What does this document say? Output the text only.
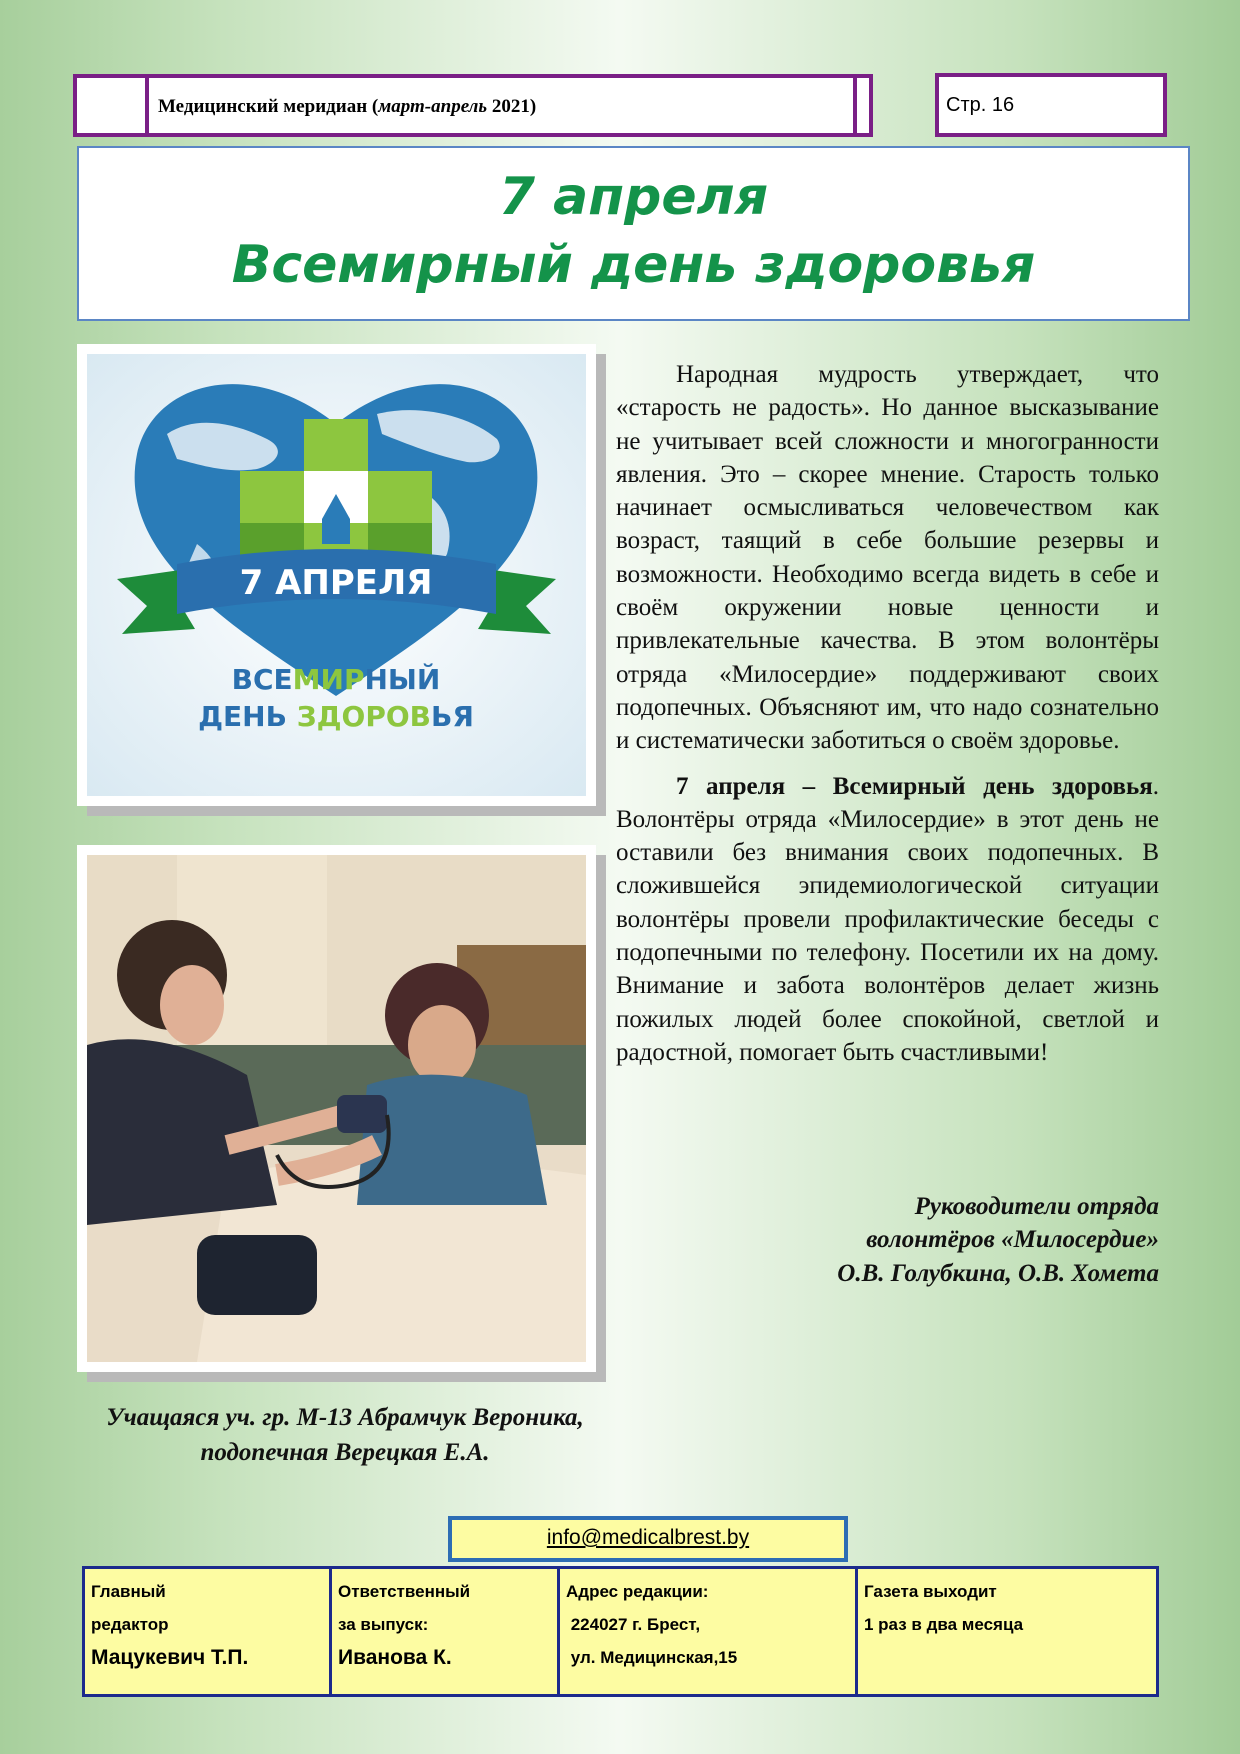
Медицинский меридиан (март-апрель 2021)	Стр. 16
7 апреля
Всемирный день здоровья
7 АПРЕЛЯ
ВСЕМИРНЫЙ
ДЕНЬ ЗДОРОВЬЯ

Народная мудрость утверждает, что «старость не радость». Но данное высказывание не учитывает всей сложности и многогранности явления. Это – скорее мнение. Старость только начинает осмысливаться человечеством как возраст, таящий в себе большие резервы и возможности. Необходимо всегда видеть в себе и своём окружении новые ценности и привлекательные качества. В этом волонтёры отряда «Милосердие» поддерживают своих подопечных. Объясняют им, что надо сознательно и систематически заботиться о своём здоровье.

7 апреля – Всемирный день здоровья. Волонтёры отряда «Милосердие» в этот день не оставили без внимания своих подопечных. В сложившейся эпидемиологической ситуации волонтёры провели профилактические беседы с подопечными по телефону. Посетили их на дому. Внимание и забота волонтёров делает жизнь пожилых людей более спокойной, светлой и радостной, помогает быть счастливыми!

Руководители отряда
волонтёров «Милосердие»
О.В. Голубкина, О.В. Хомета
Учащаяся уч. гр. М-13 Абрамчук Вероника,
подопечная Верецкая Е.А.
info@medicalbrest.by
Главный
редактор
Мацукевич Т.П.
Ответственный
за выпуск:
Иванова К.
Адрес редакции:
224027 г. Брест,
ул. Медицинская,15
Газета выходит
1 раз в два месяца
